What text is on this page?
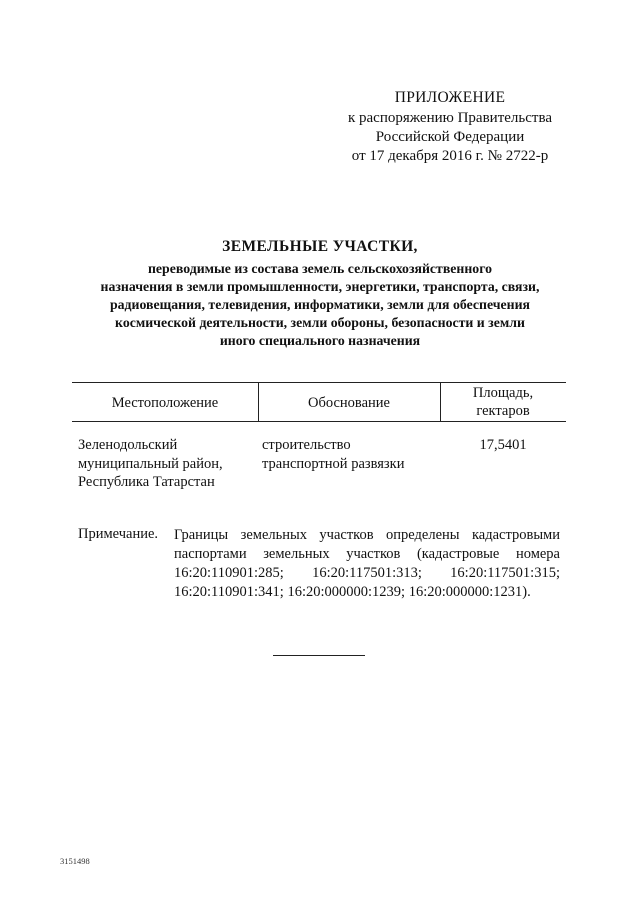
ПРИЛОЖЕНИЕ
к распоряжению Правительства
Российской Федерации
от 17 декабря 2016 г. № 2722-р
ЗЕМЕЛЬНЫЕ УЧАСТКИ,
переводимые из состава земель сельскохозяйственного
назначения в земли промышленности, энергетики, транспорта, связи,
радиовещания, телевидения, информатики, земли для обеспечения
космической деятельности, земли обороны, безопасности и земли
иного специального назначения
Местоположение	Обоснование
Площадь,
гектаров
Зеленодольский
муниципальный район,
Республика Татарстан
строительство
транспортной развязки
17,5401
Примечание. Границы земельных участков определены кадастровыми паспортами земельных участков (кадастровые номера 16:20:110901:285; 16:20:117501:313; 16:20:117501:315; 16:20:110901:341; 16:20:000000:1239; 16:20:000000:1231).
3151498
